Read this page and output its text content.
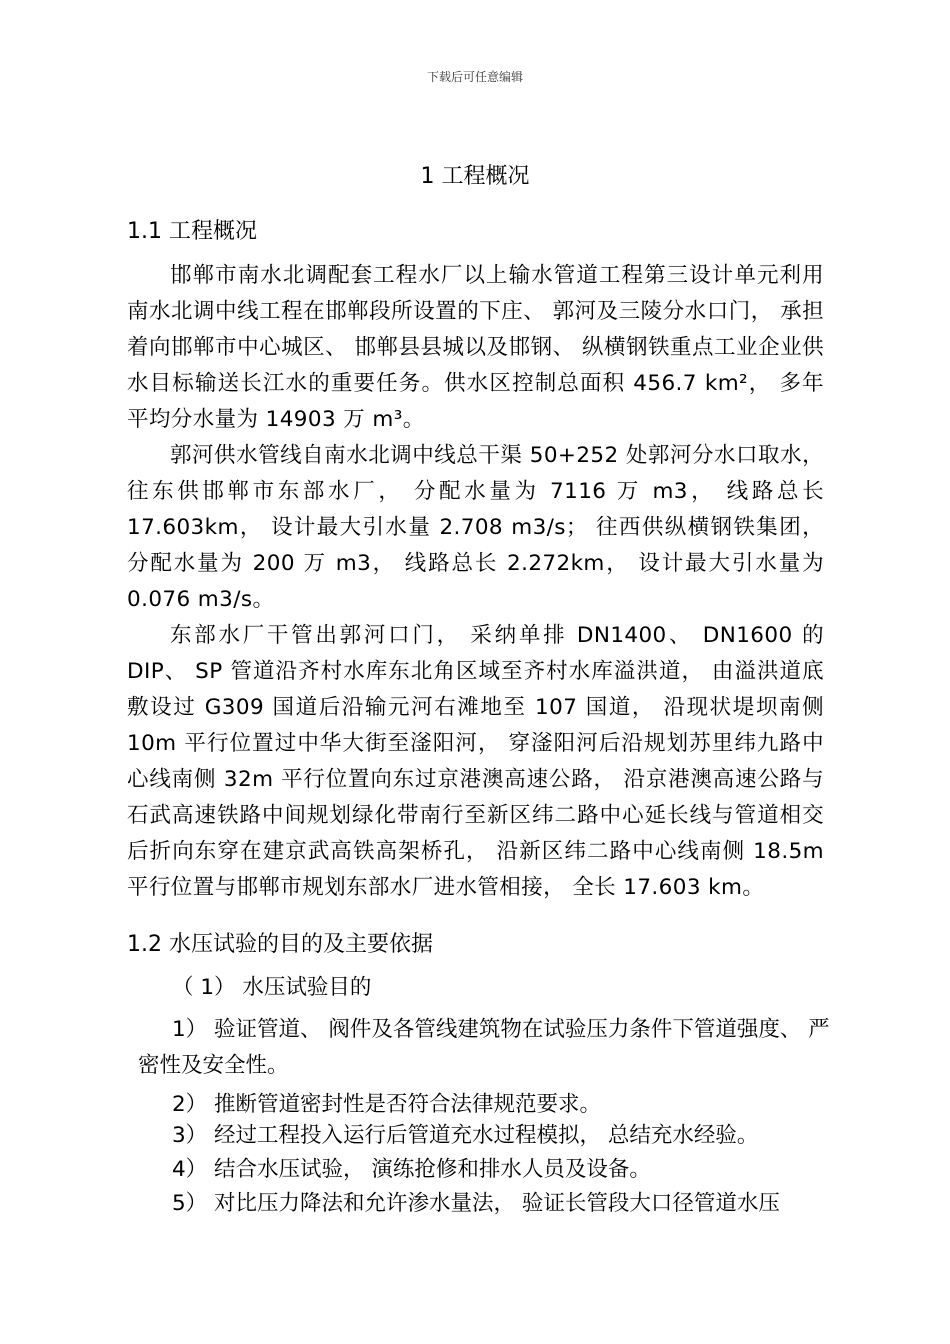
下载后可任意编辑
1 工程概况
1.1 工程概况
邯郸市南水北调配套工程水厂以上输水管道工程第三设计单元利用南水北调中线工程在邯郸段所设置的下庄、 郭河及三陵分水口门， 承担着向邯郸市中心城区、 邯郸县县城以及邯钢、 纵横钢铁重点工业企业供水目标输送长江水的重要任务。供水区控制总面积 456.7 km²， 多年平均分水量为 14903 万 m³。
郭河供水管线自南水北调中线总干渠 50+252 处郭河分水口取水， 往东供邯郸市东部水厂， 分配水量为 7116 万 m3， 线路总长 17.603km， 设计最大引水量 2.708 m3/s； 往西供纵横钢铁集团， 分配水量为 200 万 m3， 线路总长 2.272km， 设计最大引水量为 0.076 m3/s。
东部水厂干管出郭河口门， 采纳单排 DN1400、 DN1600 的 DIP、 SP 管道沿齐村水库东北角区域至齐村水库溢洪道， 由溢洪道底敷设过 G309 国道后沿输元河右滩地至 107 国道， 沿现状堤坝南侧 10m 平行位置过中华大街至滏阳河， 穿滏阳河后沿规划苏里纬九路中心线南侧 32m 平行位置向东过京港澳高速公路， 沿京港澳高速公路与石武高速铁路中间规划绿化带南行至新区纬二路中心延长线与管道相交后折向东穿在建京武高铁高架桥孔， 沿新区纬二路中心线南侧 18.5m 平行位置与邯郸市规划东部水厂进水管相接， 全长 17.603 km。
1.2 水压试验的目的及主要依据
（ 1） 水压试验目的
1） 验证管道、 阀件及各管线建筑物在试验压力条件下管道强度、 严密性及安全性。
2） 推断管道密封性是否符合法律规范要求。
3） 经过工程投入运行后管道充水过程模拟， 总结充水经验。
4） 结合水压试验， 演练抢修和排水人员及设备。
5） 对比压力降法和允许渗水量法， 验证长管段大口径管道水压
